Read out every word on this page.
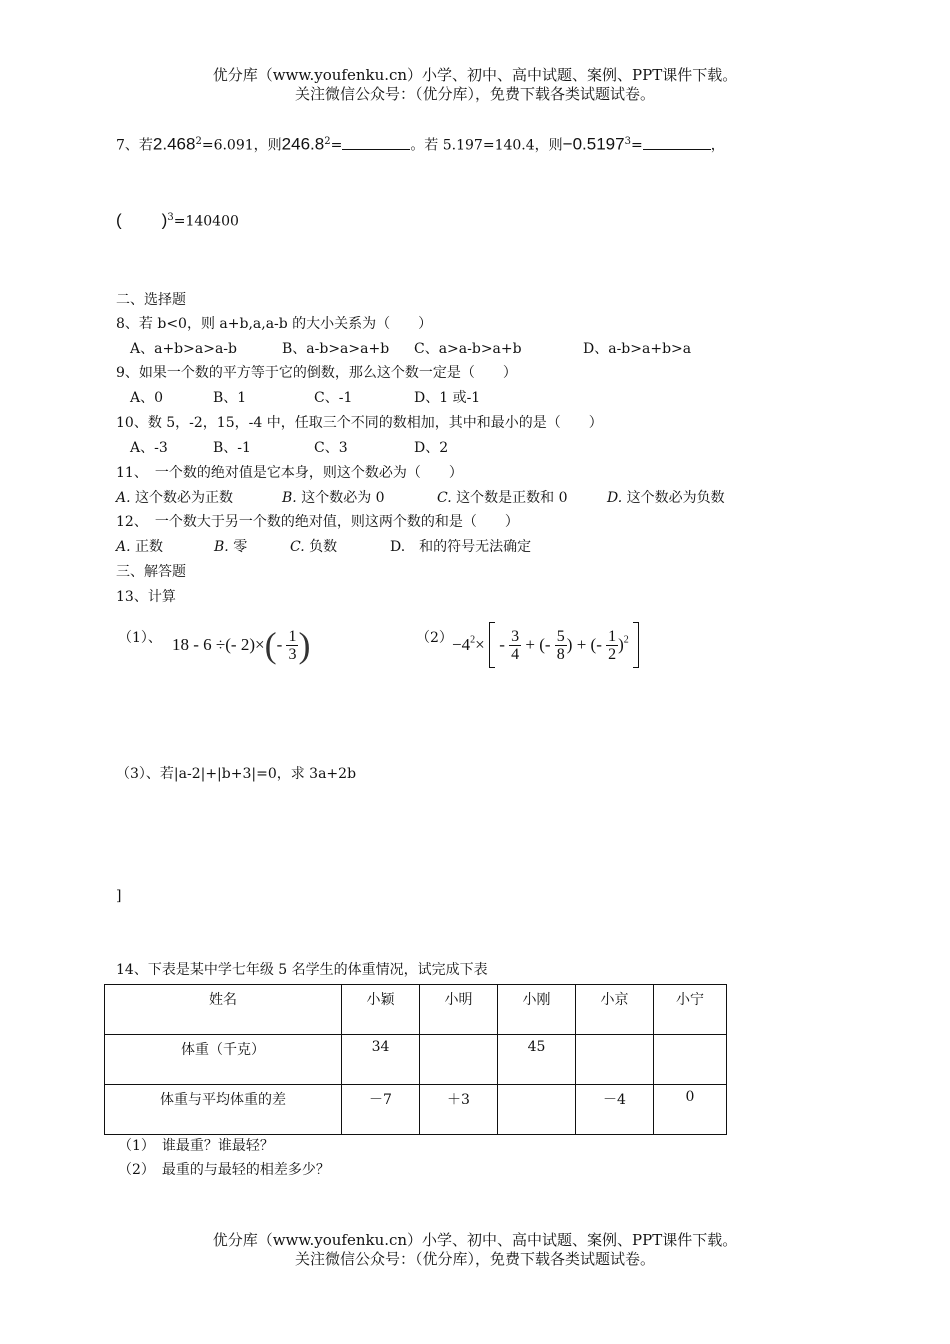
优分库（www.youfenku.cn）小学、初中、高中试题、案例、PPT课件下载。
关注微信公众号：（优分库），免费下载各类试题试卷。
7、若$2.468^2=6.091$，则$246.8^2=$	。若 5.197=140.4，则$-0.5197^3=$	，
( )$^3$=140400
二、选择题
8、若 b<0，则 a+b,a,a-b 的大小关系为（　　）
A、a+b>a>a-b	B、a-b>a>a+b C、a>a-b>a+b	D、a-b>a+b>a
9、如果一个数的平方等于它的倒数，那么这个数一定是（　　）
A、0	B、1	C、-1	D、1 或-1
10、数 5，-2，15，-4 中，任取三个不同的数相加，其中和最小的是（　　）
A、-3	B、-1	C、3	D、2
11、　一个数的绝对值是它本身，则这个数必为（　　）
A. 这个数必为正数	B. 这个数必为 0	C. 这个数是正数和 0	D. 这个数必为负数
12、　一个数大于另一个数的绝对值，则这两个数的和是（　　）
A. 正数	B. 零	C. 负数	D.　和的符号无法确定
三、解答题
13、计算
（1）、 18 - 6 ÷(- $2)\times(- \frac{1}{3}$ )	$(2) -4^2\times - \frac{3}{4}$ + (- $\frac{5}{8}$ ) + (- $\frac{1}{2} )^2$
（3）、若|a-2|+|b+3|=0，求 3a+2b
]
14、下表是某中学七年级 5 名学生的体重情况，试完成下表
姓名	小颖	小明	小刚	小京	小宁
体重（千克）	34		45		
体重与平均体重的差	－7	＋3		－4	0
（1）　谁最重？谁最轻？
（2）　最重的与最轻的相差多少？
优分库（www.youfenku.cn）小学、初中、高中试题、案例、PPT课件下载。
关注微信公众号：（优分库），免费下载各类试题试卷。
